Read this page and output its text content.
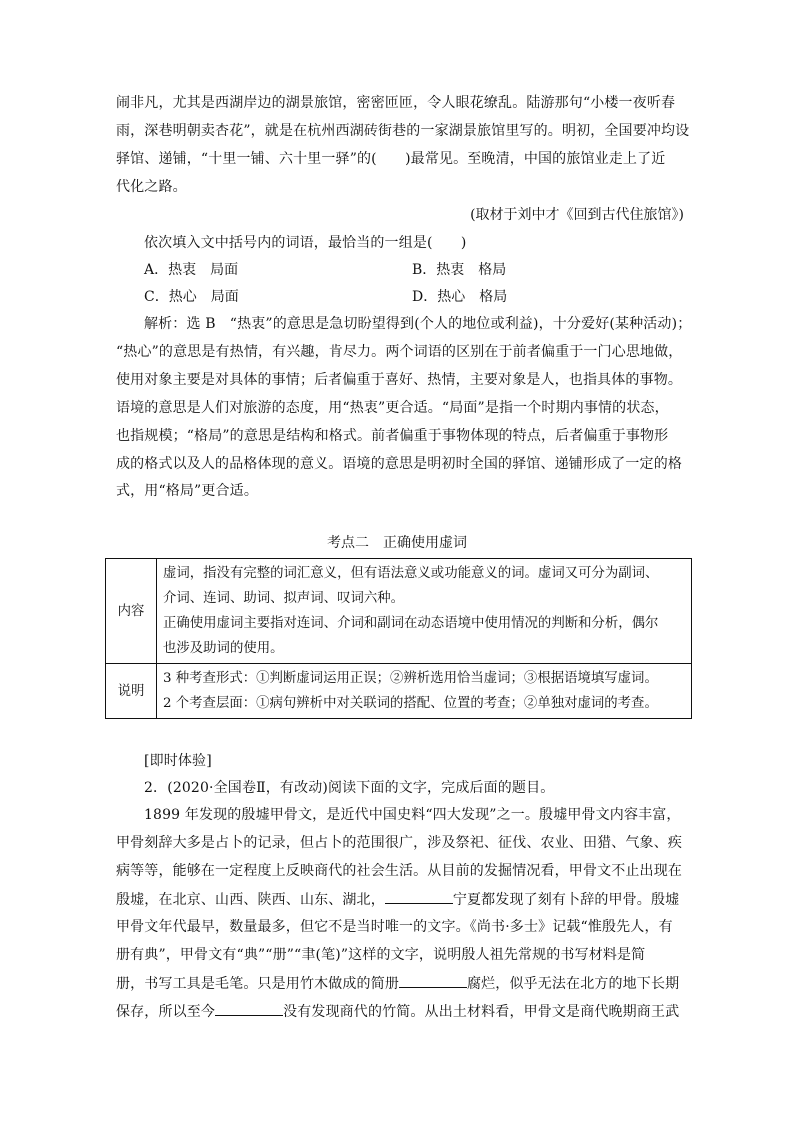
闹非凡，尤其是西湖岸边的湖景旅馆，密密匝匝，令人眼花缭乱。陆游那句“小楼一夜听春
雨，深巷明朝卖杏花”，就是在杭州西湖砖街巷的一家湖景旅馆里写的。明初，全国要冲均设
驿馆、递铺，“十里一铺、六十里一驿”的(　　)最常见。至晚清，中国的旅馆业走上了近
代化之路。
(取材于刘中才《回到古代住旅馆》)
依次填入文中括号内的词语，最恰当的一组是(　　)
A．热衷　局面	B．热衷　格局
C．热心　局面	D．热心　格局
解析：选 B　“热衷”的意思是急切盼望得到(个人的地位或利益)，十分爱好(某种活动)；
“热心”的意思是有热情，有兴趣，肯尽力。两个词语的区别在于前者偏重于一门心思地做，
使用对象主要是对具体的事情；后者偏重于喜好、热情，主要对象是人，也指具体的事物。
语境的意思是人们对旅游的态度，用“热衷”更合适。“局面”是指一个时期内事情的状态，
也指规模；“格局”的意思是结构和格式。前者偏重于事物体现的特点，后者偏重于事物形
成的格式以及人的品格体现的意义。语境的意思是明初时全国的驿馆、递铺形成了一定的格
式，用“格局”更合适。
考点二　正确使用虚词
内容	虚词，指没有完整的词汇意义，但有语法意义或功能意义的词。虚词又可分为副词、
介词、连词、助词、拟声词、叹词六种。
正确使用虚词主要指对连词、介词和副词在动态语境中使用情况的判断和分析，偶尔
也涉及助词的使用。

说明	3 种考查形式：①判断虚词运用正误；②辨析选用恰当虚词；③根据语境填写虚词。
2 个考查层面：①病句辨析中对关联词的搭配、位置的考查；②单独对虚词的考查。
[即时体验]
2．(2020·全国卷Ⅱ，有改动)阅读下面的文字，完成后面的题目。
1899 年发现的殷墟甲骨文，是近代中国史料“四大发现”之一。殷墟甲骨文内容丰富，
甲骨刻辞大多是占卜的记录，但占卜的范围很广，涉及祭祀、征伐、农业、田猎、气象、疾
病等等，能够在一定程度上反映商代的社会生活。从目前的发掘情况看，甲骨文不止出现在
殷墟，在北京、山西、陕西、山东、湖北，	宁夏都发现了刻有卜辞的甲骨。殷墟
甲骨文年代最早，数量最多，但它不是当时唯一的文字。《尚书·多士》记载“惟殷先人，有
册有典”，甲骨文有“典”“册”“聿(笔)”这样的文字，说明殷人祖先常规的书写材料是简
册，书写工具是毛笔。只是用竹木做成的简册	腐烂，似乎无法在北方的地下长期
保存，所以至今	没有发现商代的竹简。从出土材料看，甲骨文是商代晚期商王武
